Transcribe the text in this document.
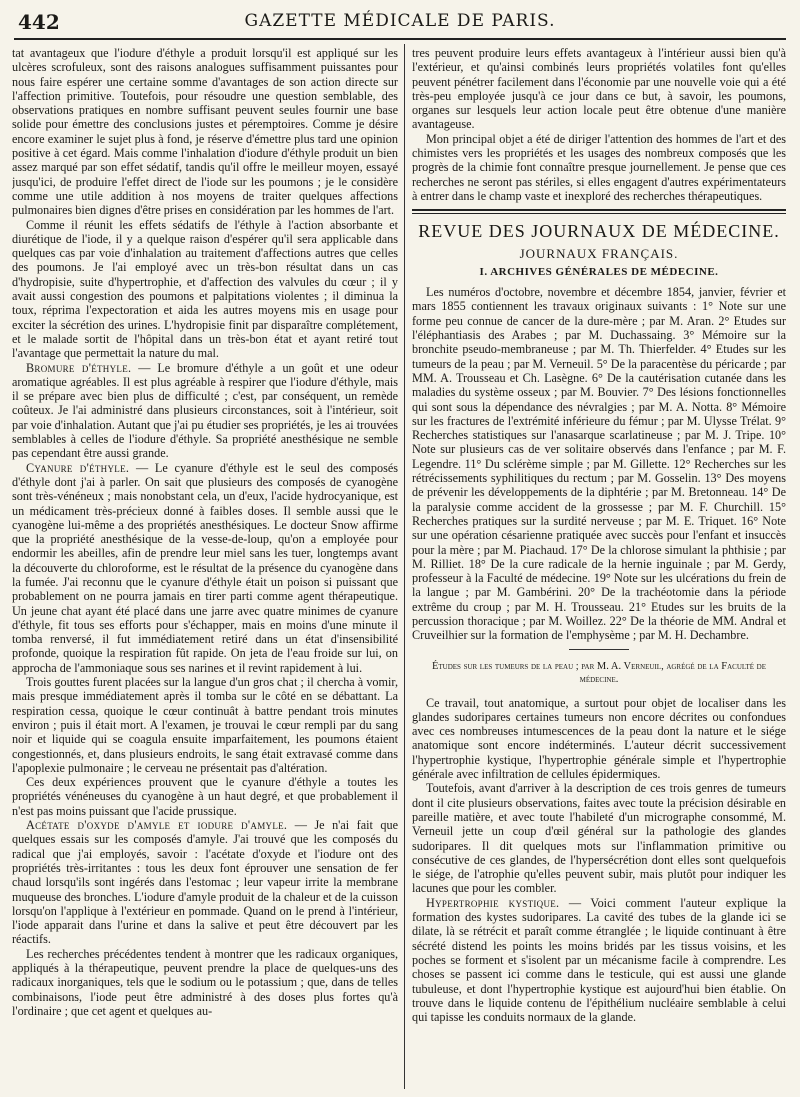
442	GAZETTE MÉDICALE DE PARIS.

tat avantageux que l'iodure d'éthyle a produit lorsqu'il est appliqué sur les ulcères scrofuleux, sont des raisons analogues suffisamment puissantes pour nous faire espérer une certaine somme d'avantages de son action directe sur l'affection primitive. Toutefois, pour résoudre une question semblable, des observations pratiques en nombre suffisant peuvent seules fournir une base solide pour émettre des conclusions justes et péremptoires. Comme je désire encore examiner le sujet plus à fond, je réserve d'émettre plus tard une opinion positive à cet égard. Mais comme l'inhalation d'iodure d'éthyle produit un bien assez marqué par son effet sédatif, tandis qu'il offre le meilleur moyen, essayé jusqu'ici, de produire l'effet direct de l'iode sur les poumons ; je le considère comme une utile addition à nos moyens de traiter quelques affections pulmonaires bien dignes d'être prises en considération par les hommes de l'art.

Comme il réunit les effets sédatifs de l'éthyle à l'action absorbante et diurétique de l'iode, il y a quelque raison d'espérer qu'il sera applicable dans quelques cas par voie d'inhalation au traitement d'affections autres que celles des poumons. Je l'ai employé avec un très-bon résultat dans un cas d'hydropisie, suite d'hypertrophie, et d'affection des valvules du cœur ; il y avait aussi congestion des poumons et palpitations violentes ; il diminua la toux, réprima l'expectoration et aida les autres moyens mis en usage pour exciter la sécrétion des urines. L'hydropisie finit par disparaître complétement, et le malade sortit de l'hôpital dans un très-bon état et ayant retiré tout l'avantage que permettait la nature du mal.

Bromure d'éthyle. — Le bromure d'éthyle a un goût et une odeur aromatique agréables. Il est plus agréable à respirer que l'iodure d'éthyle, mais il se prépare avec bien plus de difficulté ; c'est, par conséquent, un remède coûteux. Je l'ai administré dans plusieurs circonstances, soit à l'intérieur, soit par voie d'inhalation. Autant que j'ai pu étudier ses propriétés, je les ai trouvées semblables à celles de l'iodure d'éthyle. Sa propriété anesthésique ne semble pas cependant être aussi grande.

Cyanure d'éthyle. — Le cyanure d'éthyle est le seul des composés d'éthyle dont j'ai à parler. On sait que plusieurs des composés de cyanogène sont très-vénéneux ; mais nonobstant cela, un d'eux, l'acide hydrocyanique, est un médicament très-précieux donné à faibles doses. Il semble aussi que le cyanogène lui-même a des propriétés anesthésiques. Le docteur Snow affirme que la propriété anesthésique de la vesse-de-loup, qu'on a employée pour endormir les abeilles, afin de prendre leur miel sans les tuer, longtemps avant la découverte du chloroforme, est le résultat de la présence du cyanogène dans la fumée. J'ai reconnu que le cyanure d'éthyle était un poison si puissant que probablement on ne pourra jamais en tirer parti comme agent thérapeutique. Un jeune chat ayant été placé dans une jarre avec quatre minimes de cyanure d'éthyle, fit tous ses efforts pour s'échapper, mais en moins d'une minute il tomba renversé, il fut immédiatement retiré dans un état d'insensibilité profonde, quoique la respiration fût rapide. On jeta de l'eau froide sur lui, on approcha de l'ammoniaque sous ses narines et il revint rapidement à lui.

Trois gouttes furent placées sur la langue d'un gros chat ; il chercha à vomir, mais presque immédiatement après il tomba sur le côté en se débattant. La respiration cessa, quoique le cœur continuât à battre pendant trois minutes environ ; puis il était mort. A l'examen, je trouvai le cœur rempli par du sang noir et liquide qui se coagula ensuite imparfaitement, les poumons étaient congestionnés, et, dans plusieurs endroits, le sang était extravasé comme dans l'apoplexie pulmonaire ; le cerveau ne présentait pas d'altération.

Ces deux expériences prouvent que le cyanure d'éthyle a toutes les propriétés vénéneuses du cyanogène à un haut degré, et que probablement il n'est pas moins puissant que l'acide prussique.

Acétate d'oxyde d'amyle et iodure d'amyle. — Je n'ai fait que quelques essais sur les composés d'amyle. J'ai trouvé que les composés du radical que j'ai employés, savoir : l'acétate d'oxyde et l'iodure ont des propriétés très-irritantes : tous les deux font éprouver une sensation de fer chaud lorsqu'ils sont ingérés dans l'estomac ; leur vapeur irrite la membrane muqueuse des bronches. L'iodure d'amyle produit de la chaleur et de la cuisson lorsqu'on l'applique à l'extérieur en pommade. Quand on le prend à l'intérieur, l'iode apparait dans l'urine et dans la salive et peut être découvert par les réactifs.

Les recherches précédentes tendent à montrer que les radicaux organiques, appliqués à la thérapeutique, peuvent prendre la place de quelques-uns des radicaux inorganiques, tels que le sodium ou le potassium ; que, dans de telles combinaisons, l'iode peut être administré à des doses plus fortes qu'à l'ordinaire ; que cet agent et quelques au-

tres peuvent produire leurs effets avantageux à l'intérieur aussi bien qu'à l'extérieur, et qu'ainsi combinés leurs propriétés volatiles font qu'elles peuvent pénétrer facilement dans l'économie par une nouvelle voie qui a été très-peu employée jusqu'à ce jour dans ce but, à savoir, les poumons, organes sur lesquels leur action locale peut être obtenue d'une manière avantageuse.

Mon principal objet a été de diriger l'attention des hommes de l'art et des chimistes vers les propriétés et les usages des nombreux composés que les progrès de la chimie font connaître presque journellement. Je pense que ces recherches ne seront pas stériles, si elles engagent d'autres expérimentateurs à entrer dans le champ vaste et inexploré des recherches thérapeutiques.

REVUE DES JOURNAUX DE MÉDECINE.
JOURNAUX FRANÇAIS.
I. ARCHIVES GÉNÉRALES DE MÉDECINE.

Les numéros d'octobre, novembre et décembre 1854, janvier, février et mars 1855 contiennent les travaux originaux suivants : 1° Note sur une forme peu connue de cancer de la dure-mère ; par M. Aran. 2° Etudes sur l'éléphantiasis des Arabes ; par M. Duchassaing. 3° Mémoire sur la bronchite pseudo-membraneuse ; par M. Th. Thierfelder. 4° Etudes sur les tumeurs de la peau ; par M. Verneuil. 5° De la paracentèse du péricarde ; par MM. A. Trousseau et Ch. Lasègne. 6° De la cautérisation cutanée dans les maladies du système osseux ; par M. Bouvier. 7° Des lésions fonctionnelles qui sont sous la dépendance des névralgies ; par M. A. Notta. 8° Mémoire sur les fractures de l'extrémité inférieure du fémur ; par M. Ulysse Trélat. 9° Recherches statistiques sur l'anasarque scarlatineuse ; par M. J. Tripe. 10° Note sur plusieurs cas de ver solitaire observés dans l'enfance ; par M. F. Legendre. 11° Du sclérème simple ; par M. Gillette. 12° Recherches sur les rétrécissements syphilitiques du rectum ; par M. Gosselin. 13° Des moyens de prévenir les développements de la diphtérie ; par M. Bretonneau. 14° De la paralysie comme accident de la grossesse ; par M. F. Churchill. 15° Recherches pratiques sur la surdité nerveuse ; par M. E. Triquet. 16° Note sur une opération césarienne pratiquée avec succès pour l'enfant et insuccès pour la mère ; par M. Piachaud. 17° De la chlorose simulant la phthisie ; par M. Rilliet. 18° De la cure radicale de la hernie inguinale ; par M. Gerdy, professeur à la Faculté de médecine. 19° Note sur les ulcérations du frein de la langue ; par M. Gambérini. 20° De la trachéotomie dans la période extrême du croup ; par M. H. Trousseau. 21° Etudes sur les bruits de la percussion thoracique ; par M. Woillez. 22° De la théorie de MM. Andral et Cruveilhier sur la formation de l'emphysème ; par M. H. Dechambre.

Études sur les tumeurs de la peau ; par M. A. Verneuil, agrégé de la Faculté de médecine.

Ce travail, tout anatomique, a surtout pour objet de localiser dans les glandes sudoripares certaines tumeurs non encore décrites ou confondues avec ces nombreuses intumescences de la peau dont la nature et le siége anatomique sont encore indéterminés. L'auteur décrit successivement l'hypertrophie kystique, l'hypertrophie générale simple et l'hypertrophie générale avec infiltration de cellules épidermiques.

Toutefois, avant d'arriver à la description de ces trois genres de tumeurs dont il cite plusieurs observations, faites avec toute la précision désirable en pareille matière, et avec toute l'habileté d'un micrographe consommé, M. Verneuil jette un coup d'œil général sur la pathologie des glandes sudoripares. Il dit quelques mots sur l'inflammation primitive ou consécutive de ces glandes, de l'hypersécrétion dont elles sont quelquefois le siége, de l'atrophie qu'elles peuvent subir, mais plutôt pour indiquer les lacunes que pour les combler.

Hypertrophie kystique. — Voici comment l'auteur explique la formation des kystes sudoripares. La cavité des tubes de la glande ici se dilate, là se rétrécit et paraît comme étranglée ; le liquide continuant à être sécrété distend les points les moins bridés par les tissus voisins, et les poches se forment et s'isolent par un mécanisme facile à comprendre. Les choses se passent ici comme dans le testicule, qui est aussi une glande tubuleuse, et dont l'hypertrophie kystique est aujourd'hui bien établie. On trouve dans le liquide contenu de l'épithélium nucléaire semblable à celui qui tapisse les conduits normaux de la glande.
